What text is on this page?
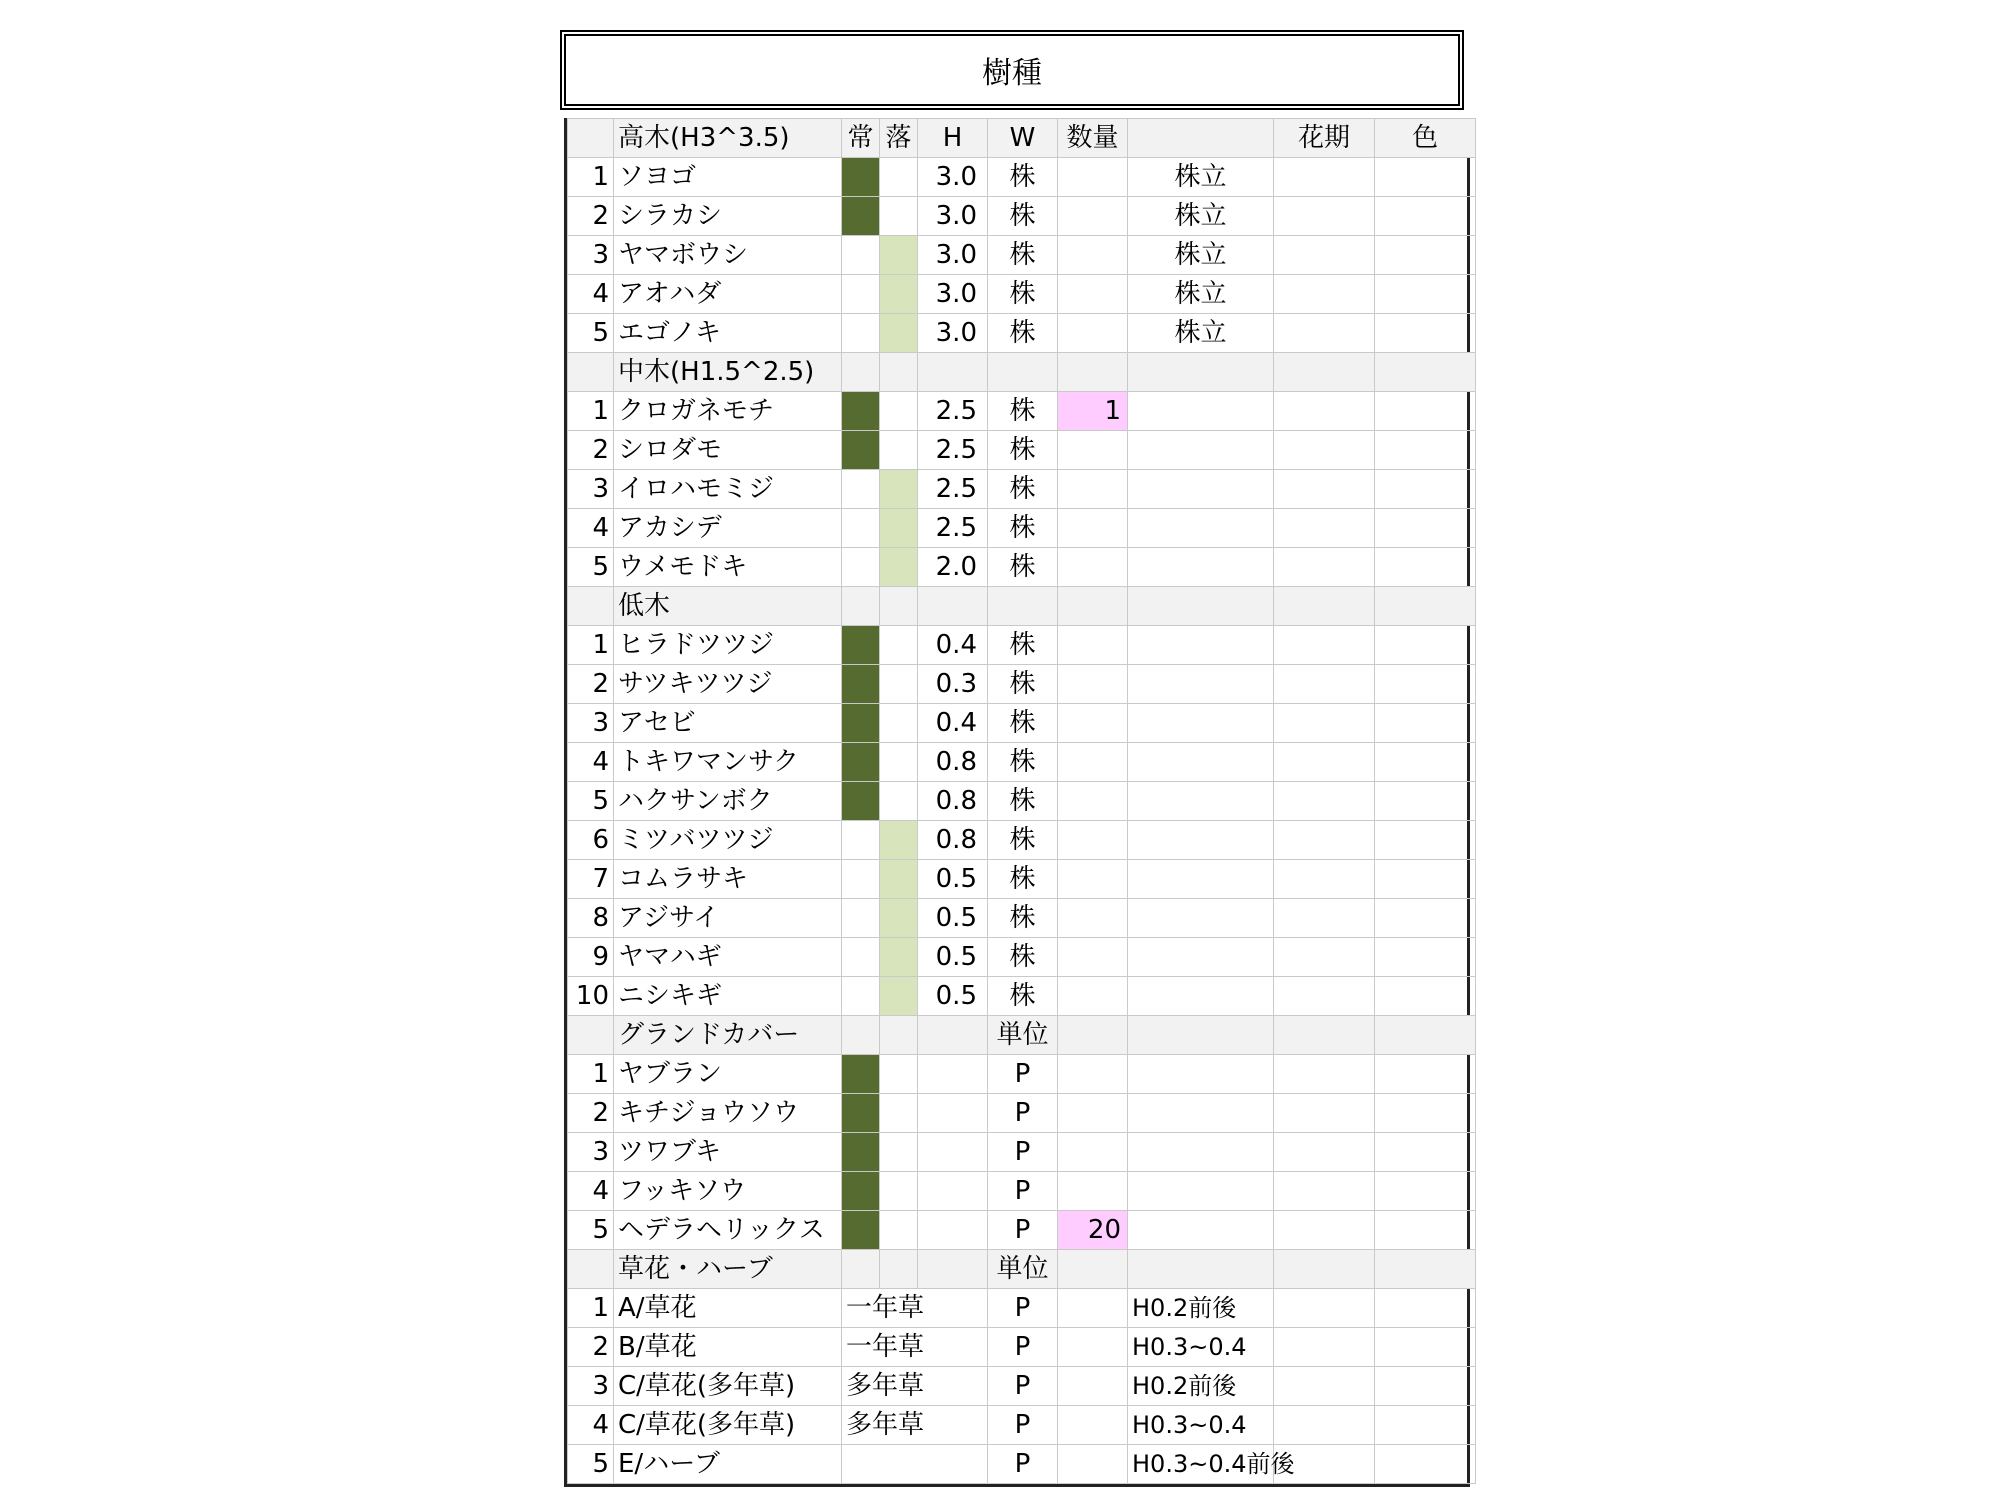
樹種
	高木(H3^3.5)	常	落	H	W	数量		花期	色
1	ソヨゴ			3.0	株		株立		
2	シラカシ			3.0	株		株立		
3	ヤマボウシ			3.0	株		株立		
4	アオハダ			3.0	株		株立		
5	エゴノキ			3.0	株		株立		
	中木(H1.5^2.5)								
1	クロガネモチ			2.5	株	1			
2	シロダモ			2.5	株				
3	イロハモミジ			2.5	株				
4	アカシデ			2.5	株				
5	ウメモドキ			2.0	株				
	低木								
1	ヒラドツツジ			0.4	株				
2	サツキツツジ			0.3	株				
3	アセビ			0.4	株				
4	トキワマンサク			0.8	株				
5	ハクサンボク			0.8	株				
6	ミツバツツジ			0.8	株				
7	コムラサキ			0.5	株				
8	アジサイ			0.5	株				
9	ヤマハギ			0.5	株				
10	ニシキギ			0.5	株				
	グランドカバー				単位				
1	ヤブラン				P				
2	キチジョウソウ				P				
3	ツワブキ				P				
4	フッキソウ				P				
5	ヘデラヘリックス				P	20			
	草花・ハーブ				単位				
1	A/草花	一年草			P		H0.2前後		
2	B/草花	一年草			P		H0.3~0.4		
3	C/草花(多年草)	多年草			P		H0.2前後		
4	C/草花(多年草)	多年草			P		H0.3~0.4		
5	E/ハーブ				P		H0.3~0.4前後		
